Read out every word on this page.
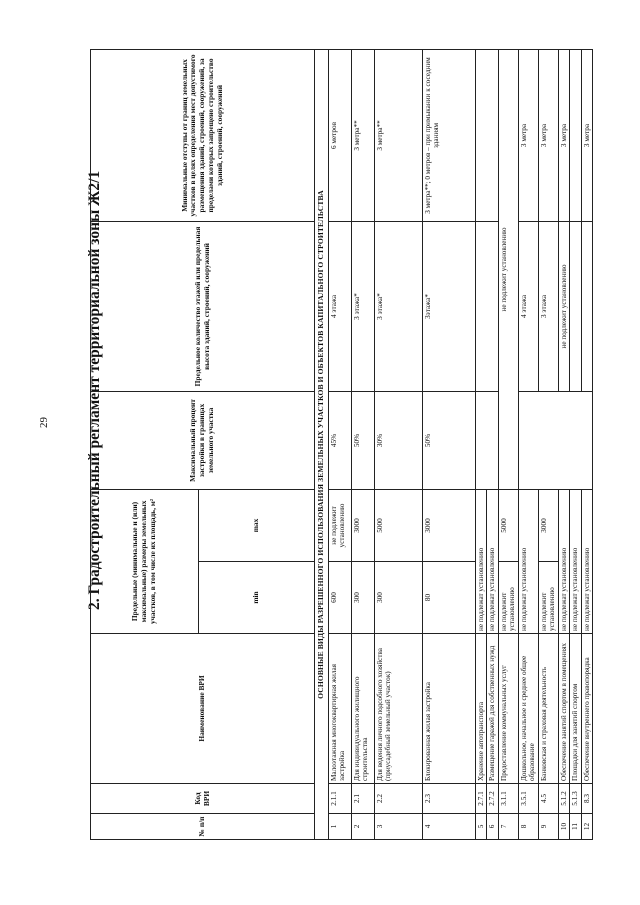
29 2. Градостроительный регламент территориальной зоны Ж2/1
№ п/п	Код ВРИ	Наименование ВРИ	Предельные (минимальные и (или) максимальные) размеры земельных участков, в том числе их площадь, м²		Максимальный процент застройки в границах земельного участка	Предельное количество этажей или предельная высота зданий, строений, сооружений	Минимальные отступы от границ земельных участков в целях определения мест допустимого размещения зданий, строений, сооружений, за пределами которых запрещено строительство зданий, строений, сооружений
			min	max			
ОСНОВНЫЕ ВИДЫ РАЗРЕШЕННОГО ИСПОЛЬЗОВАНИЯ ЗЕМЕЛЬНЫХ УЧАСТКОВ И ОБЪЕКТОВ КАПИТАЛЬНОГО СТРОИТЕЛЬСТВА							
1	2.1.1	Малоэтажная многоквартирная жилая застройка	600	не подлежит установлению	45%	4 этажа	6 метров
2	2.1	Для индивидуального жилищного строительства	300	3000	50%	3 этажа*	3 метра**
3	2.2	Для ведения личного подсобного хозяйства (приусадебный земельный участок)	300	5000	30%	3 этажа*	3 метра**
4	2.3	Блокированная жилая застройка	80	3000	50%	3этажа*	3 метра**; 0 метров – при примыкании к соседним зданиям
5	2.7.1	Хранение автотранспорта	не подлежат установлению				
6	2.7.2	Размещение гаражей для собственных нужд	не подлежат установлению				
7	3.1.1	Предоставление коммунальных услуг	не подлежит установлению	5000	не подлежит установлению		
8	3.5.1	Дошкольное, начальное и среднее общее образование	не подлежат установлению			4 этажа	3 метра
9	4.5	Банковская и страховая деятельность	не подлежит установлению	3000		3 этажа	3 метра
10	5.1.2	Обеспечение занятий спортом в помещениях	не подлежат установлению			не подлежит установлению	3 метра
11	5.1.3	Площадки для занятий спортом	не подлежат установлению				
12	8.3	Обеспечение внутреннего правопорядка	не подлежат установлению				3 метра
